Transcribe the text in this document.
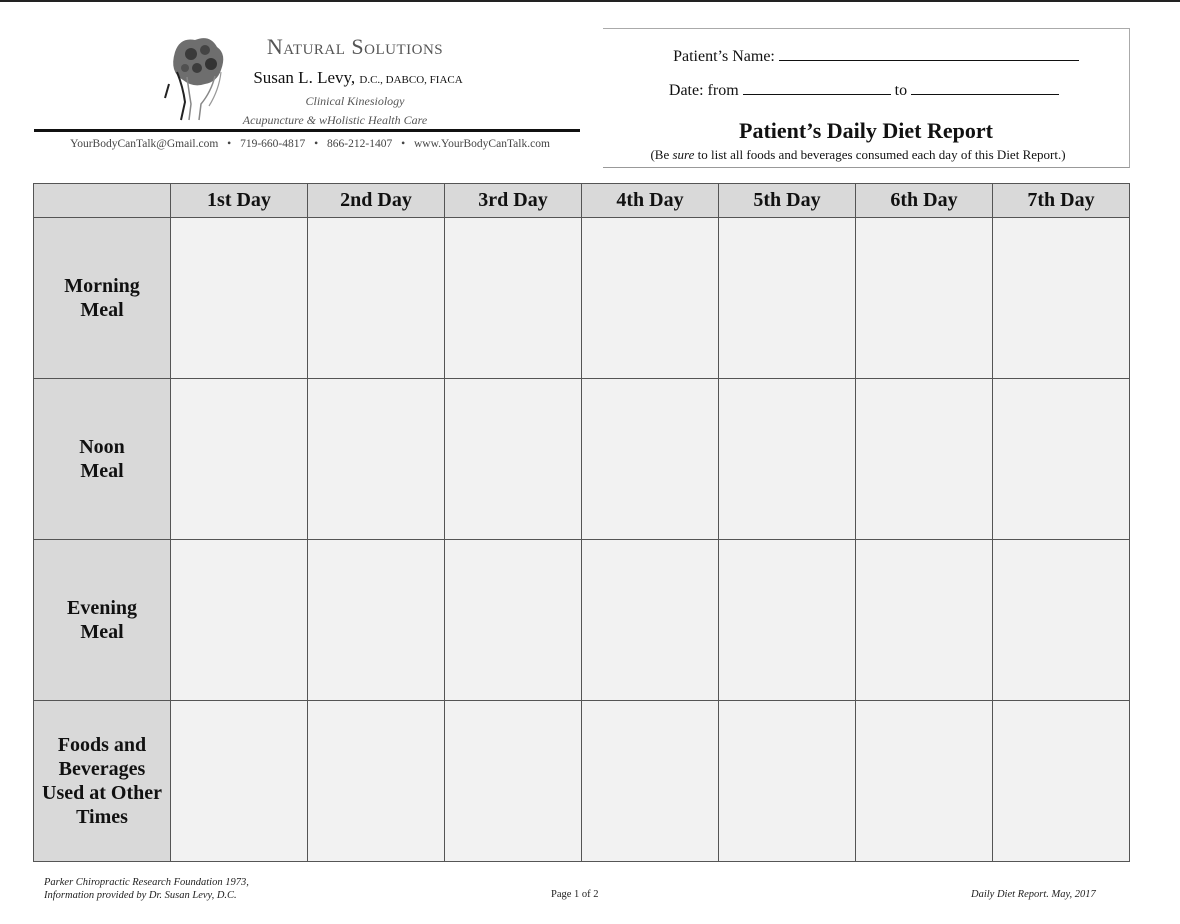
Natural Solutions
Susan L. Levy, D.C., DABCO, FIACA
Clinical Kinesiology
Acupuncture & wHolistic Health Care
YourBodyCanTalk@Gmail.com • 719-660-4817 • 866-212-1407 • www.YourBodyCanTalk.com
Patient’s Name:
Date: from	to
Patient’s Daily Diet Report
(Be sure to list all foods and beverages consumed each day of this Diet Report.)
	1st Day	2nd Day	3rd Day	4th Day	5th Day	6th Day	7th Day

Morning
Meal							

Noon
Meal							

Evening
Meal							

Foods and
Beverages
Used at Other
Times							

Parker Chiropractic Research Foundation 1973,
Information provided by Dr. Susan Levy, D.C.	Page 1 of 2	Daily Diet Report. May, 2017
